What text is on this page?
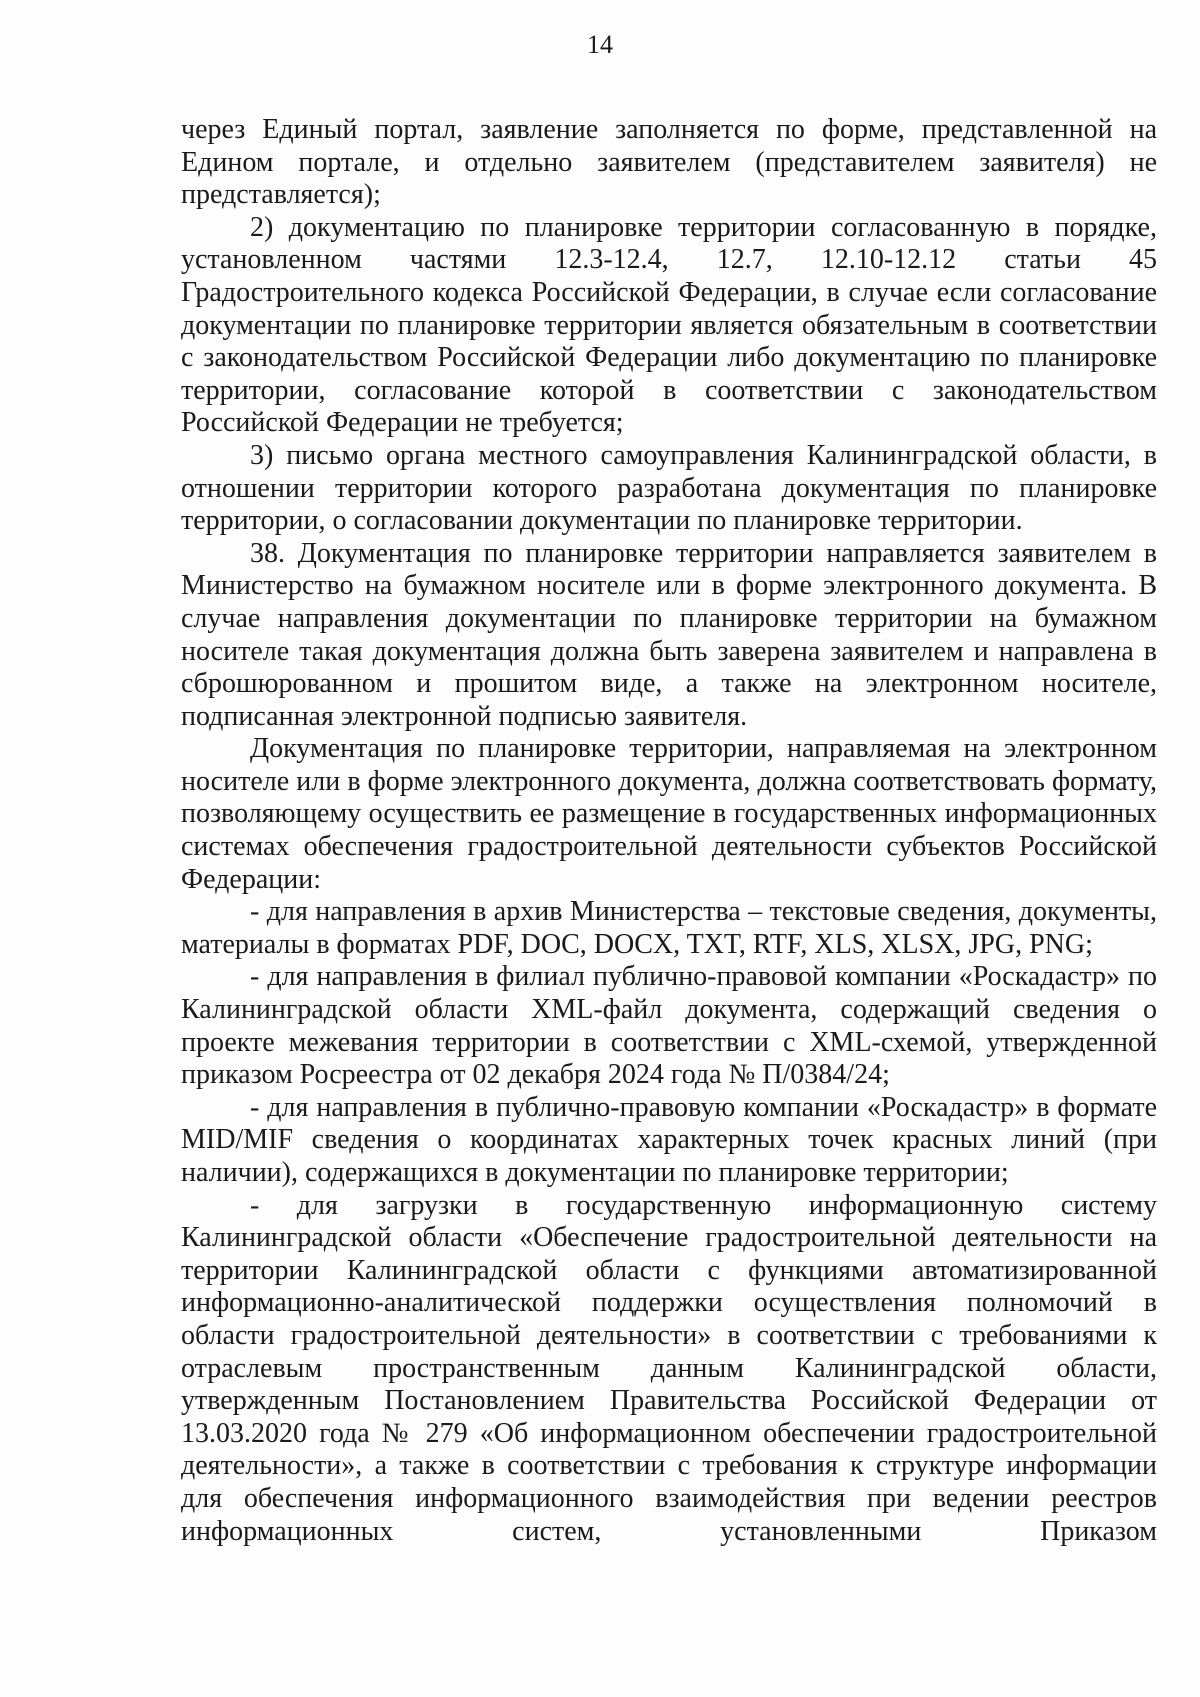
14

через Единый портал, заявление заполняется по форме, представленной на Едином портале, и отдельно заявителем (представителем заявителя) не представляется);

2) документацию по планировке территории согласованную в порядке, установленном частями 12.3-12.4, 12.7, 12.10-12.12 статьи 45 Градостроительного кодекса Российской Федерации, в случае если согласование документации по планировке территории является обязательным в соответствии с законодательством Российской Федерации либо документацию по планировке территории, согласование которой в соответствии с законодательством Российской Федерации не требуется;

3) письмо органа местного самоуправления Калининградской области, в отношении территории которого разработана документация по планировке территории, о согласовании документации по планировке территории.

38. Документация по планировке территории направляется заявителем в Министерство на бумажном носителе или в форме электронного документа. В случае направления документации по планировке территории на бумажном носителе такая документация должна быть заверена заявителем и направлена в сброшюрованном и прошитом виде, а также на электронном носителе, подписанная электронной подписью заявителя.

Документация по планировке территории, направляемая на электронном носителе или в форме электронного документа, должна соответствовать формату, позволяющему осуществить ее размещение в государственных информационных системах обеспечения градостроительной деятельности субъектов Российской Федерации:

- для направления в архив Министерства – текстовые сведения, документы, материалы в форматах PDF, DOC, DOCX, TXT, RTF, XLS, XLSX, JPG, PNG;

- для направления в филиал публично-правовой компании «Роскадастр» по Калининградской области XML-файл документа, содержащий сведения о проекте межевания территории в соответствии с XML-схемой, утвержденной приказом Росреестра от 02 декабря 2024 года № П/0384/24;

- для направления в публично-правовую компании «Роскадастр» в формате MID/MIF сведения о координатах характерных точек красных линий (при наличии), содержащихся в документации по планировке территории;

- для загрузки в государственную информационную систему Калининградской области «Обеспечение градостроительной деятельности на территории Калининградской области с функциями автоматизированной информационно-аналитической поддержки осуществления полномочий в области градостроительной деятельности» в соответствии с требованиями к отраслевым пространственным данным Калининградской области, утвержденным Постановлением Правительства Российской Федерации от 13.03.2020 года № 279 «Об информационном обеспечении градостроительной деятельности», а также в соответствии с требования к структуре информации для обеспечения информационного взаимодействия при ведении реестров информационных систем, установленными Приказом
